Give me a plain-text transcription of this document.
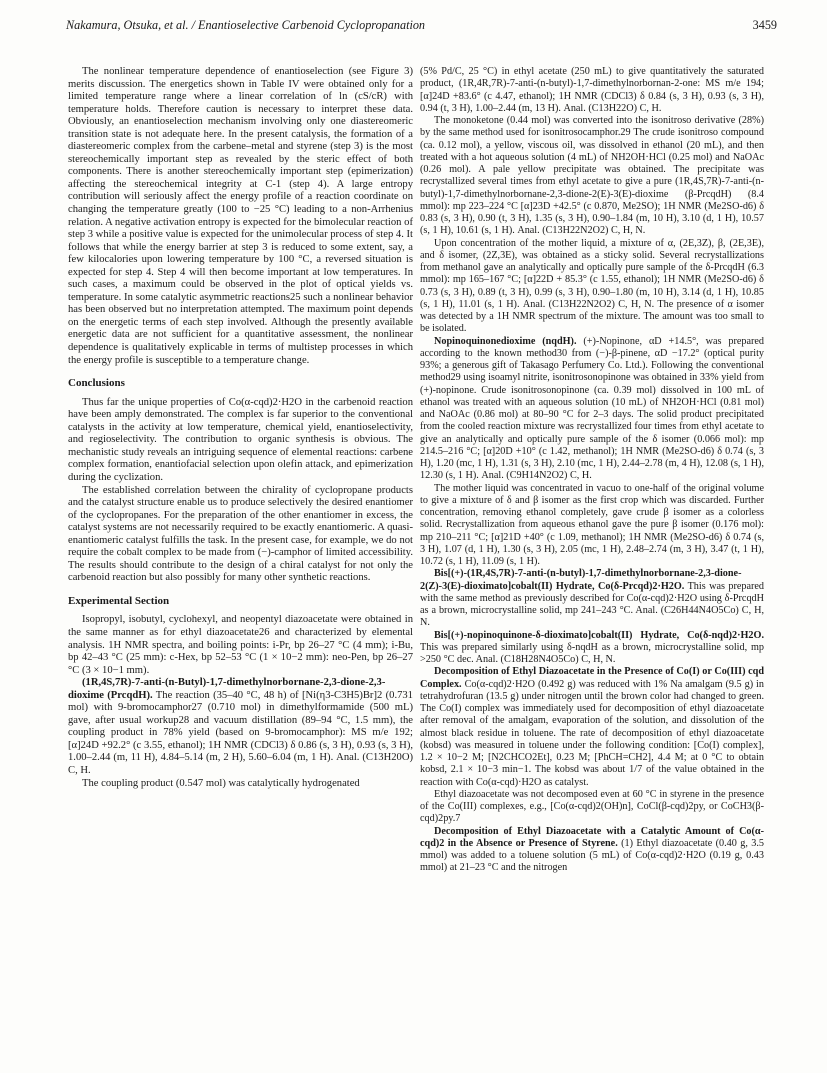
Nakamura, Otsuka, et al. / Enantioselective Carbenoid Cyclopropanation	3459

The nonlinear temperature dependence of enantioselection (see Figure 3) merits discussion. The energetics shown in Table IV were obtained only for a limited temperature range where a linear correlation of ln (cS/cR) with temperature holds. Therefore caution is necessary to interpret these data. Obviously, an enantioselection mechanism involving only one diastereomeric transition state is not adequate here. In the present catalysis, the formation of a diastereomeric complex from the carbene–metal and styrene (step 3) is the most stereochemically important step as revealed by the steric effect of both components. There is another stereochemically important step (epimerization) affecting the stereochemical integrity at C-1 (step 4). A large entropy contribution will seriously affect the energy profile of a reaction coordinate on changing the temperature greatly (100 to −25 °C) leading to a non-Arrhenius relation. A negative activation entropy is expected for the bimolecular reaction of step 3 while a positive value is expected for the unimolecular process of step 4. It follows that while the energy barrier at step 3 is reduced to some extent, say, a few kilocalories upon lowering temperature by 100 °C, a reversed situation is expected for step 4. Step 4 will then become important at low temperatures. In such cases, a maximum could be observed in the plot of optical yields vs. temperature. In some catalytic asymmetric reactions25 such a nonlinear behavior has been observed but no interpretation attempted. The maximum point depends on the energetic terms of each step involved. Although the presently available energetic data are not sufficient for a quantitative assessment, the nonlinear dependence is qualitatively explicable in terms of multistep processes in which the energy profile is susceptible to a temperature change.

Conclusions

Thus far the unique properties of Co(α-cqd)2·H2O in the carbenoid reaction have been amply demonstrated. The complex is far superior to the conventional catalysts in the activity at low temperature, chemical yield, enantioselectivity, and regioselectivity. The contribution to organic synthesis is obvious. The mechanistic study reveals an intriguing sequence of elemental reactions: carbene complex formation, enantiofacial selection upon olefin attack, and epimerization during the cyclization.

The established correlation between the chirality of cyclopropane products and the catalyst structure enable us to produce selectively the desired enantiomer of the cyclopropanes. For the preparation of the other enantiomer in excess, the catalyst systems are not necessarily required to be exactly enantiomeric. A quasi-enantiomeric catalyst fulfills the task. In the present case, for example, we do not require the cobalt complex to be made from (−)-camphor of limited accessibility. The results should contribute to the design of a chiral catalyst for not only the carbenoid reaction but also possibly for many other synthetic reactions.

Experimental Section

Isopropyl, isobutyl, cyclohexyl, and neopentyl diazoacetate were obtained in the same manner as for ethyl diazoacetate26 and characterized by elemental analysis. 1H NMR spectra, and boiling points: i-Pr, bp 26–27 °C (4 mm); i-Bu, bp 42–43 °C (25 mm): c-Hex, bp 52–53 °C (1 × 10−2 mm): neo-Pen, bp 26–27 °C (3 × 10−1 mm).

(1R,4S,7R)-7-anti-(n-Butyl)-1,7-dimethylnorbornane-2,3-dione-2,3-dioxime (PrcqdH). The reaction (35–40 °C, 48 h) of [Ni(η3-C3H5)Br]2 (0.731 mol) with 9-bromocamphor27 (0.710 mol) in dimethylformamide (500 mL) gave, after usual workup28 and vacuum distillation (89–94 °C, 1.5 mm), the coupling product in 78% yield (based on 9-bromocamphor): MS m/e 192; [α]24D +92.2° (c 3.55, ethanol); 1H NMR (CDCl3) δ 0.86 (s, 3 H), 0.93 (s, 3 H), 1.00–2.44 (m, 11 H), 4.84–5.14 (m, 2 H), 5.60–6.04 (m, 1 H). Anal. (C13H20O) C, H.

The coupling product (0.547 mol) was catalytically hydrogenated

(5% Pd/C, 25 °C) in ethyl acetate (250 mL) to give quantitatively the saturated product, (1R,4R,7R)-7-anti-(n-butyl)-1,7-dimethylnorbornan-2-one: MS m/e 194; [α]24D +83.6° (c 4.47, ethanol); 1H NMR (CDCl3) δ 0.84 (s, 3 H), 0.93 (s, 3 H), 0.94 (t, 3 H), 1.00–2.44 (m, 13 H). Anal. (C13H22O) C, H.

The monoketone (0.44 mol) was converted into the isonitroso derivative (28%) by the same method used for isonitrosocamphor.29 The crude isonitroso compound (ca. 0.12 mol), a yellow, viscous oil, was dissolved in ethanol (20 mL), and then treated with a hot aqueous solution (4 mL) of NH2OH·HCl (0.25 mol) and NaOAc (0.26 mol). A pale yellow precipitate was obtained. The precipitate was recrystallized several times from ethyl acetate to give a pure (1R,4S,7R)-7-anti-(n-butyl)-1,7-dimethylnorbornane-2,3-dione-2(E)-3(E)-dioxime (β-PrcqdH) (8.4 mmol): mp 223–224 °C [α]23D +42.5° (c 0.870, Me2SO); 1H NMR (Me2SO-d6) δ 0.83 (s, 3 H), 0.90 (t, 3 H), 1.35 (s, 3 H), 0.90–1.84 (m, 10 H), 3.10 (d, 1 H), 10.57 (s, 1 H), 10.61 (s, 1 H). Anal. (C13H22N2O2) C, H, N.

Upon concentration of the mother liquid, a mixture of α, (2E,3Z), β, (2E,3E), and δ isomer, (2Z,3E), was obtained as a sticky solid. Several recrystallizations from methanol gave an analytically and optically pure sample of the δ-PrcqdH (6.3 mmol): mp 165–167 °C; [α]22D + 85.3° (c 1.55, ethanol); 1H NMR (Me2SO-d6) δ 0.73 (s, 3 H), 0.89 (t, 3 H), 0.99 (s, 3 H), 0.90–1.80 (m, 10 H), 3.14 (d, 1 H), 10.85 (s, 1 H), 11.01 (s, 1 H). Anal. (C13H22N2O2) C, H, N. The presence of α isomer was detected by a 1H NMR spectrum of the mixture. The amount was too small to be isolated.

Nopinoquinonedioxime (nqdH). (+)-Nopinone, αD +14.5°, was prepared according to the known method30 from (−)-β-pinene, αD −17.2° (optical purity 93%; a generous gift of Takasago Perfumery Co. Ltd.). Following the conventional method29 using isoamyl nitrite, isonitrosonopinone was obtained in 33% yield from (+)-nopinone. Crude isonitrosonopinone (ca. 0.39 mol) dissolved in 100 mL of ethanol was treated with an aqueous solution (10 mL) of NH2OH·HCl (0.81 mol) and NaOAc (0.86 mol) at 80–90 °C for 2–3 days. The solid product precipitated from the cooled reaction mixture was recrystallized four times from ethyl acetate to give an analytically and optically pure sample of the δ isomer (0.066 mol): mp 214.5–216 °C; [α]20D +10° (c 1.42, methanol); 1H NMR (Me2SO-d6) δ 0.74 (s, 3 H), 1.20 (mc, 1 H), 1.31 (s, 3 H), 2.10 (mc, 1 H), 2.44–2.78 (m, 4 H), 12.08 (s, 1 H), 12.30 (s, 1 H). Anal. (C9H14N2O2) C, H.

The mother liquid was concentrated in vacuo to one-half of the original volume to give a mixture of δ and β isomer as the first crop which was discarded. Further concentration, removing ethanol completely, gave crude β isomer as a colorless solid. Recrystallization from aqueous ethanol gave the pure β isomer (0.176 mol): mp 210–211 °C; [α]21D +40° (c 1.09, methanol); 1H NMR (Me2SO-d6) δ 0.74 (s, 3 H), 1.07 (d, 1 H), 1.30 (s, 3 H), 2.05 (mc, 1 H), 2.48–2.74 (m, 3 H), 3.47 (t, 1 H), 10.72 (s, 1 H), 11.09 (s, 1 H).

Bis[(+)-(1R,4S,7R)-7-anti-(n-butyl)-1,7-dimethylnorbornane-2,3-dione-2(Z)-3(E)-dioximato]cobalt(II) Hydrate, Co(δ-Prcqd)2·H2O. This was prepared with the same method as previously described for Co(α-cqd)2·H2O using δ-PrcqdH as a brown, microcrystalline solid, mp 241–243 °C. Anal. (C26H44N4O5Co) C, H, N.

Bis[(+)-nopinoquinone-δ-dioximato]cobalt(II) Hydrate, Co(δ-nqd)2·H2O. This was prepared similarly using δ-nqdH as a brown, microcrystalline solid, mp >250 °C dec. Anal. (C18H28N4O5Co) C, H, N.

Decomposition of Ethyl Diazoacetate in the Presence of Co(I) or Co(III) cqd Complex. Co(α-cqd)2·H2O (0.492 g) was reduced with 1% Na amalgam (9.5 g) in tetrahydrofuran (13.5 g) under nitrogen until the brown color had changed to green. The Co(I) complex was immediately used for decomposition of ethyl diazoacetate after removal of the amalgam, evaporation of the solution, and dissolution of the almost black residue in toluene. The rate of decomposition of ethyl diazoacetate (kobsd) was measured in toluene under the following condition: [Co(I) complex], 1.2 × 10−2 M; [N2CHCO2Et], 0.23 M; [PhCH=CH2], 4.4 M; at 0 °C to obtain kobsd, 2.1 × 10−3 min−1. The kobsd was about 1/7 of the value obtained in the reaction with Co(α-cqd)·H2O as catalyst.

Ethyl diazoacetate was not decomposed even at 60 °C in styrene in the presence of the Co(III) complexes, e.g., [Co(α-cqd)2(OH)n], CoCl(β-cqd)2py, or CoCH3(β-cqd)2py.7

Decomposition of Ethyl Diazoacetate with a Catalytic Amount of Co(α-cqd)2 in the Absence or Presence of Styrene. (1) Ethyl diazoacetate (0.40 g, 3.5 mmol) was added to a toluene solution (5 mL) of Co(α-cqd)2·H2O (0.19 g, 0.43 mmol) at 21–23 °C and the nitrogen
